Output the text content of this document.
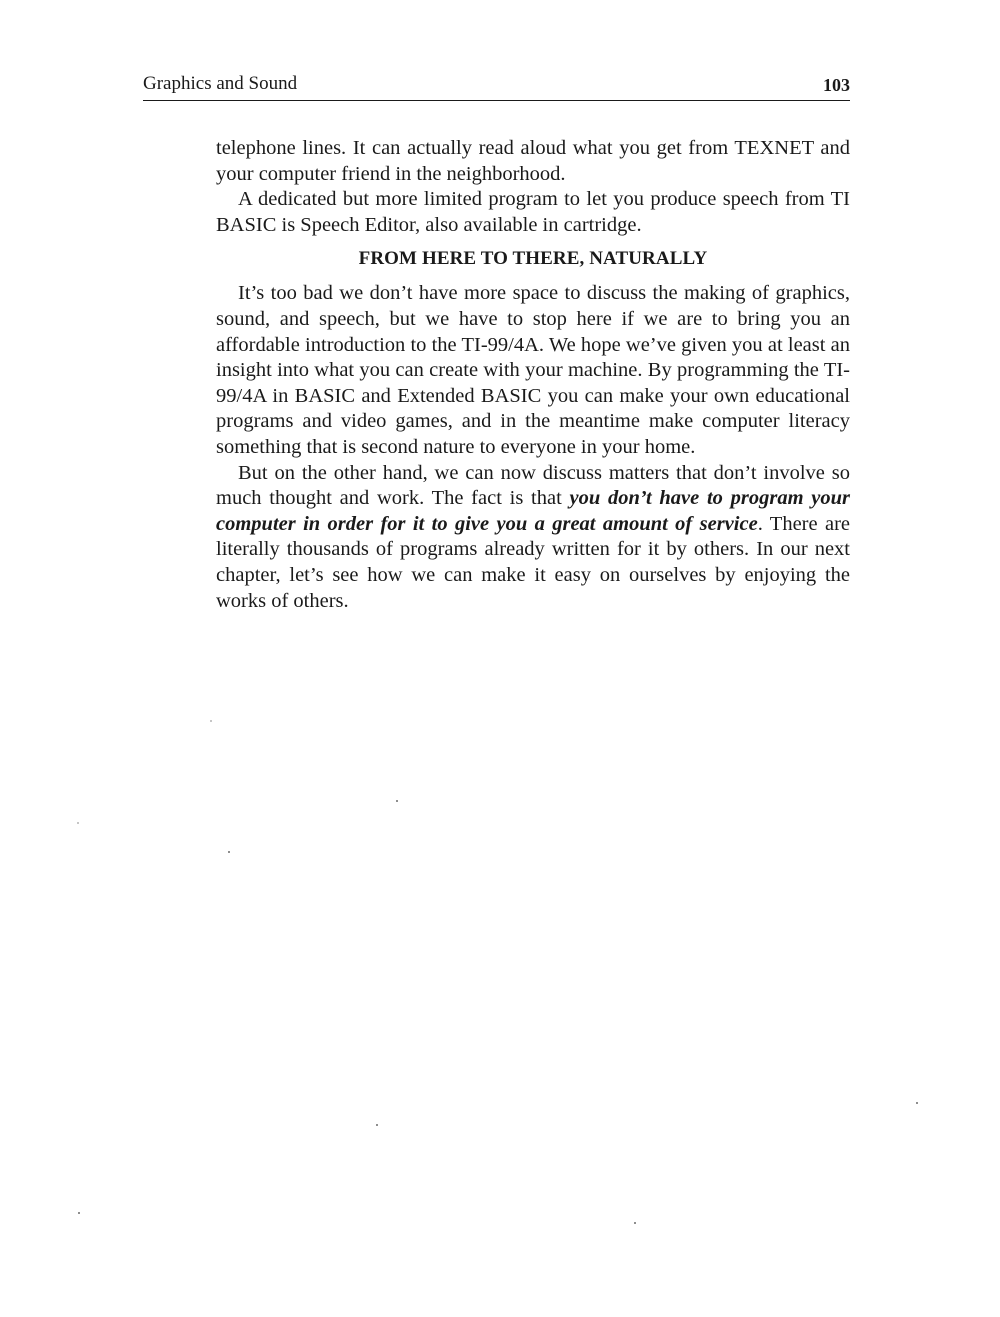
Graphics and Sound	103

telephone lines. It can actually read aloud what you get from TEXNET and your computer friend in the neighborhood.

A dedicated but more limited program to let you produce speech from TI BASIC is Speech Editor, also available in cartridge.

FROM HERE TO THERE, NATURALLY

It’s too bad we don’t have more space to discuss the making of graphics, sound, and speech, but we have to stop here if we are to bring you an affordable introduction to the TI-99/4A. We hope we’ve given you at least an insight into what you can create with your machine. By programming the TI-99/4A in BASIC and Extended BASIC you can make your own educational programs and video games, and in the meantime make computer literacy something that is second nature to everyone in your home.

But on the other hand, we can now discuss matters that don’t involve so much thought and work. The fact is that you don’t have to program your computer in order for it to give you a great amount of service. There are literally thousands of programs already written for it by others. In our next chapter, let’s see how we can make it easy on ourselves by enjoying the works of others.
